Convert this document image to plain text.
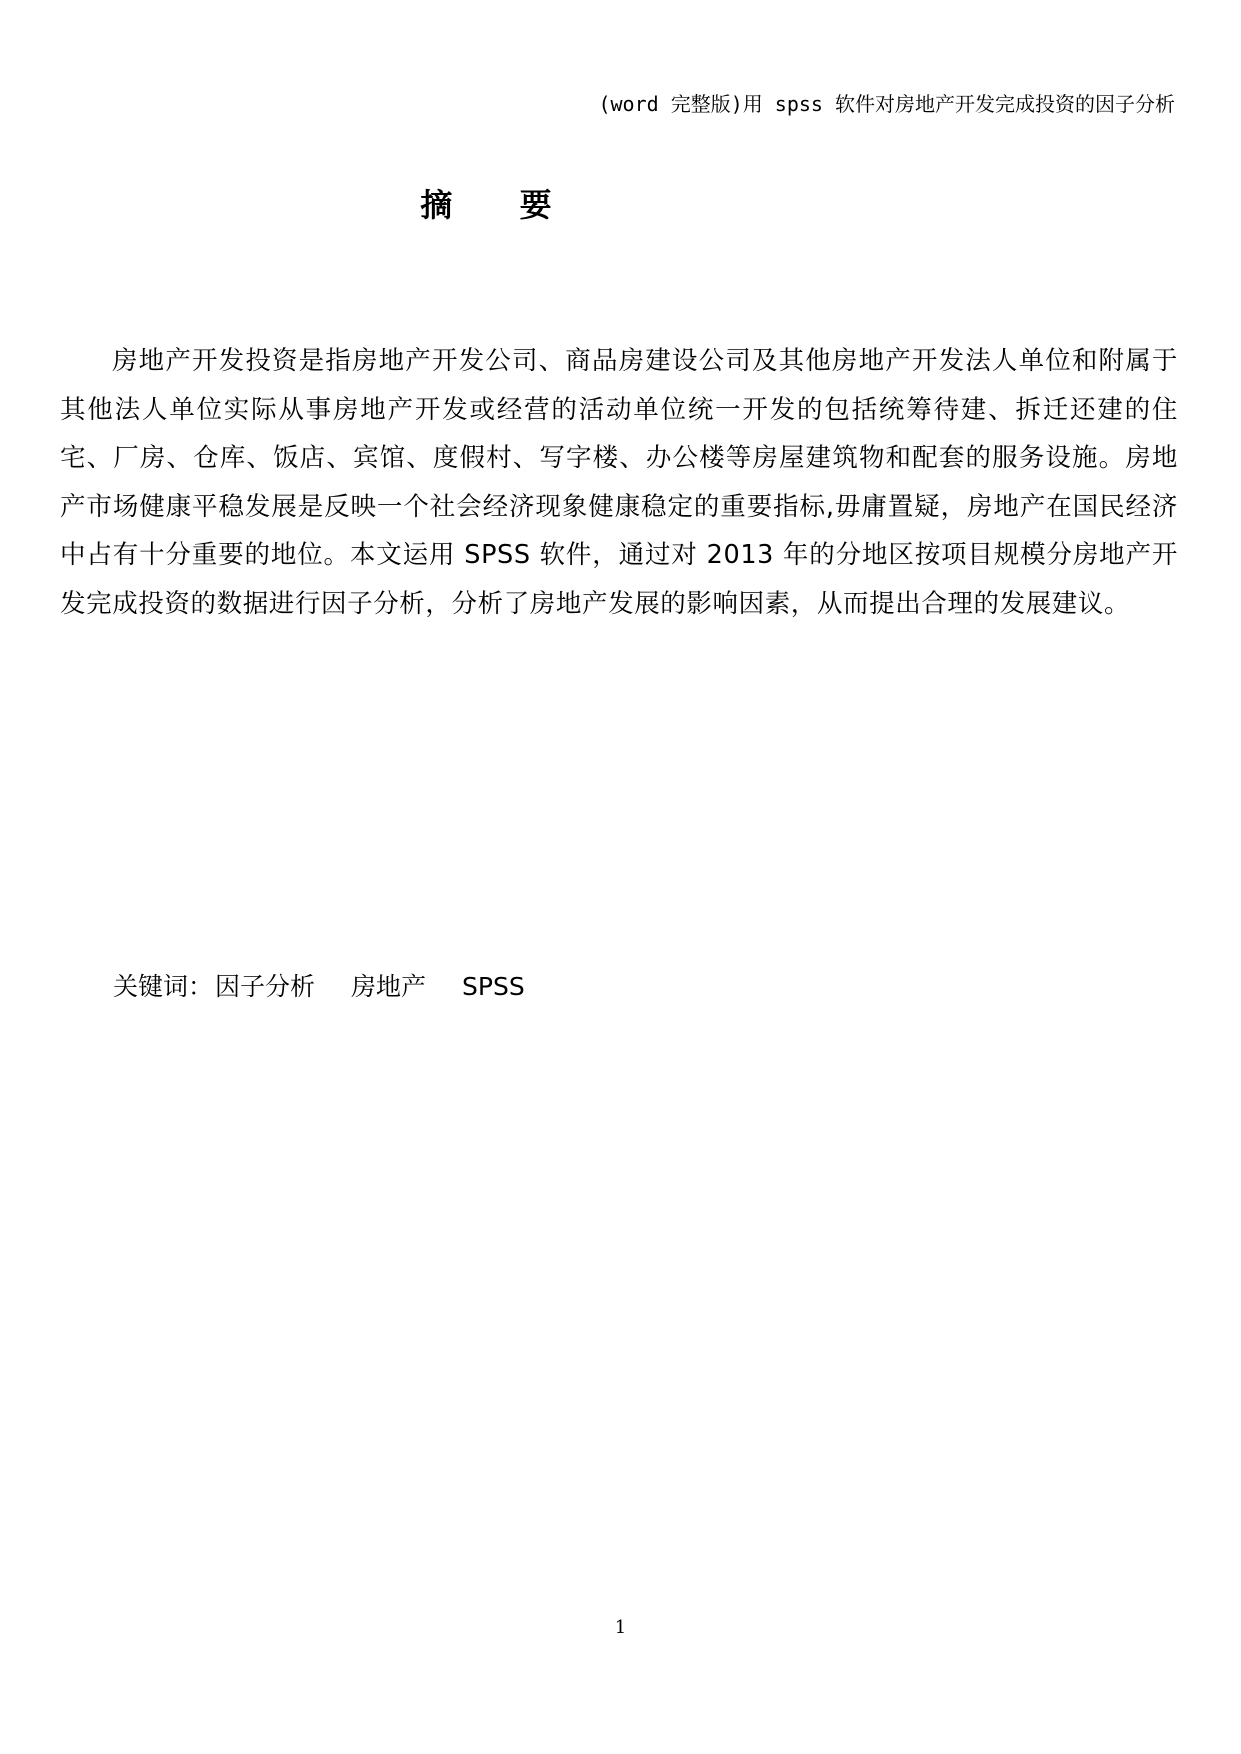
(word 完整版)用 spss 软件对房地产开发完成投资的因子分析
摘 要

房地产开发投资是指房地产开发公司、商品房建设公司及其他房地产开发法人单位和附属于其他法人单位实际从事房地产开发或经营的活动单位统一开发的包括统筹待建、拆迁还建的住宅、厂房、仓库、饭店、宾馆、度假村、写字楼、办公楼等房屋建筑物和配套的服务设施。房地产市场健康平稳发展是反映一个社会经济现象健康稳定的重要指标,毋庸置疑，房地产在国民经济中占有十分重要的地位。本文运用 SPSS 软件，通过对 2013 年的分地区按项目规模分房地产开发完成投资的数据进行因子分析，分析了房地产发展的影响因素，从而提出合理的发展建议。

关键词： 因子分析 房地产 SPSS
1
